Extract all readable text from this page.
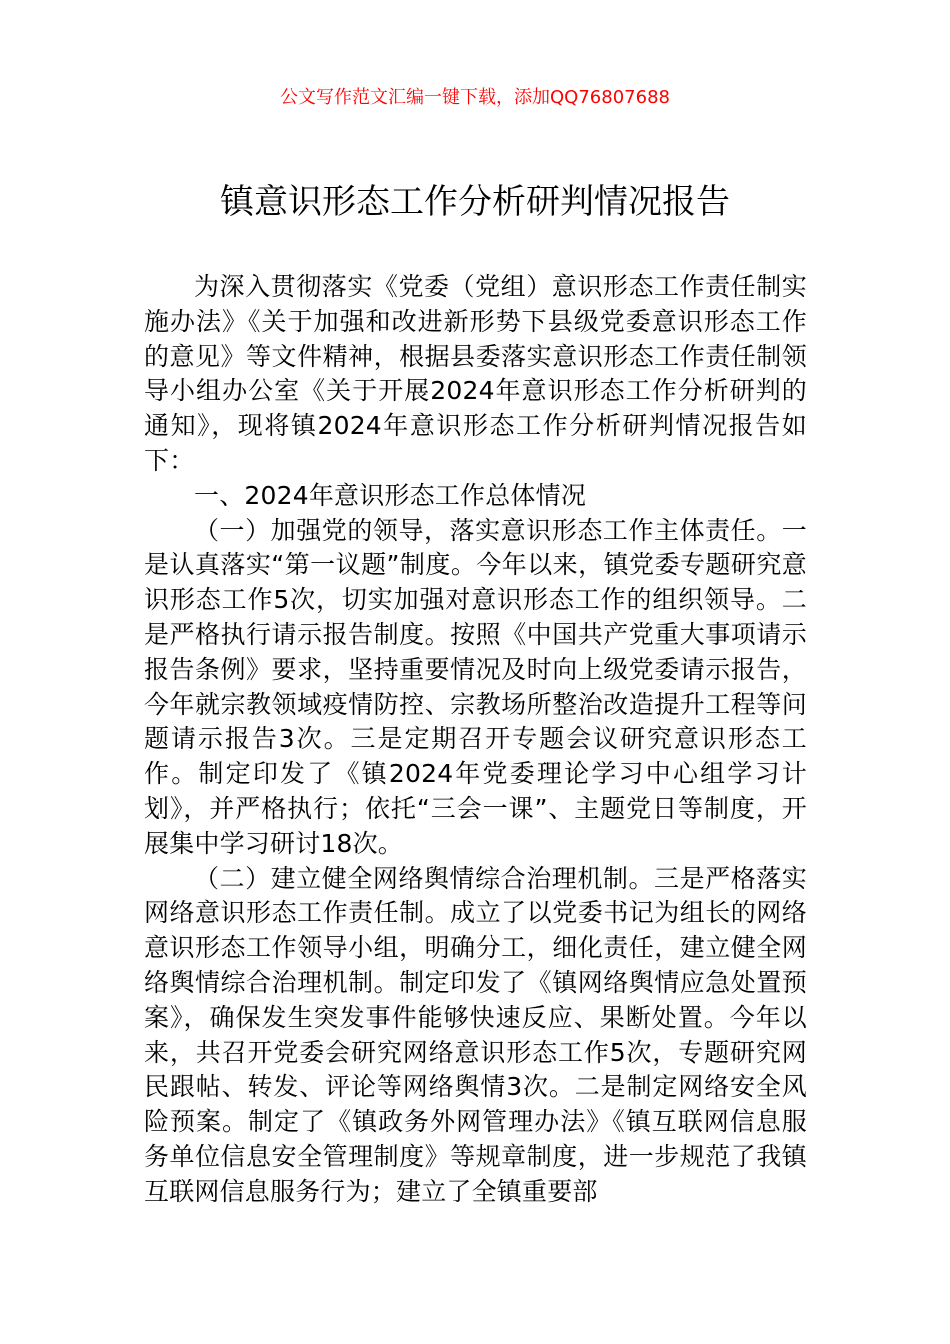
公文写作范文汇编一键下载，添加QQ76807688
镇意识形态工作分析研判情况报告

为深入贯彻落实《党委（党组）意识形态工作责任制实施办法》《关于加强和改进新形势下县级党委意识形态工作的意见》等文件精神，根据县委落实意识形态工作责任制领导小组办公室《关于开展2024年意识形态工作分析研判的通知》，现将镇2024年意识形态工作分析研判情况报告如下：

一、2024年意识形态工作总体情况

（一）加强党的领导，落实意识形态工作主体责任。一是认真落实“第一议题”制度。今年以来，镇党委专题研究意识形态工作5次，切实加强对意识形态工作的组织领导。二是严格执行请示报告制度。按照《中国共产党重大事项请示报告条例》要求，坚持重要情况及时向上级党委请示报告，今年就宗教领域疫情防控、宗教场所整治改造提升工程等问题请示报告3次。三是定期召开专题会议研究意识形态工作。制定印发了《镇2024年党委理论学习中心组学习计划》，并严格执行；依托“三会一课”、主题党日等制度，开展集中学习研讨18次。

（二）建立健全网络舆情综合治理机制。三是严格落实网络意识形态工作责任制。成立了以党委书记为组长的网络意识形态工作领导小组，明确分工，细化责任，建立健全网络舆情综合治理机制。制定印发了《镇网络舆情应急处置预案》，确保发生突发事件能够快速反应、果断处置。今年以来，共召开党委会研究网络意识形态工作5次，专题研究网民跟帖、转发、评论等网络舆情3次。二是制定网络安全风险预案。制定了《镇政务外网管理办法》《镇互联网信息服务单位信息安全管理制度》等规章制度，进一步规范了我镇互联网信息服务行为；建立了全镇重要部
